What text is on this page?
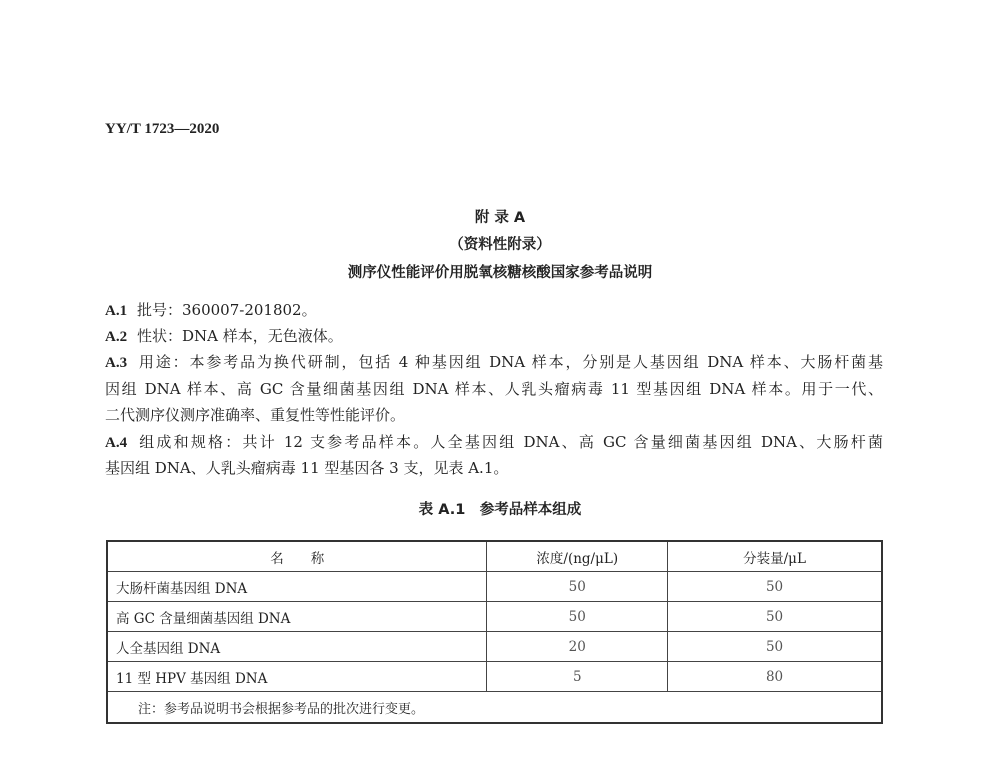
YY/T 1723—2020
附 录 A
（资料性附录）
测序仪性能评价用脱氧核糖核酸国家参考品说明
A.1 批号：360007-201802。
A.2 性状：DNA 样本，无色液体。
A.3 用途：本参考品为换代研制，包括 4 种基因组 DNA 样本，分别是人基因组 DNA 样本、大肠杆菌基
因组 DNA 样本、高 GC 含量细菌基因组 DNA 样本、人乳头瘤病毒 11 型基因组 DNA 样本。用于一代、
二代测序仪测序准确率、重复性等性能评价。
A.4 组成和规格：共计 12 支参考品样本。人全基因组 DNA、高 GC 含量细菌基因组 DNA、大肠杆菌
基因组 DNA、人乳头瘤病毒 11 型基因各 3 支，见表 A.1。
表 A.1　参考品样本组成
名　　称	浓度/(ng/μL)	分装量/μL
大肠杆菌基因组 DNA	50	50
高 GC 含量细菌基因组 DNA	50	50
人全基因组 DNA	20	50
11 型 HPV 基因组 DNA	5	80
注：参考品说明书会根据参考品的批次进行变更。		
